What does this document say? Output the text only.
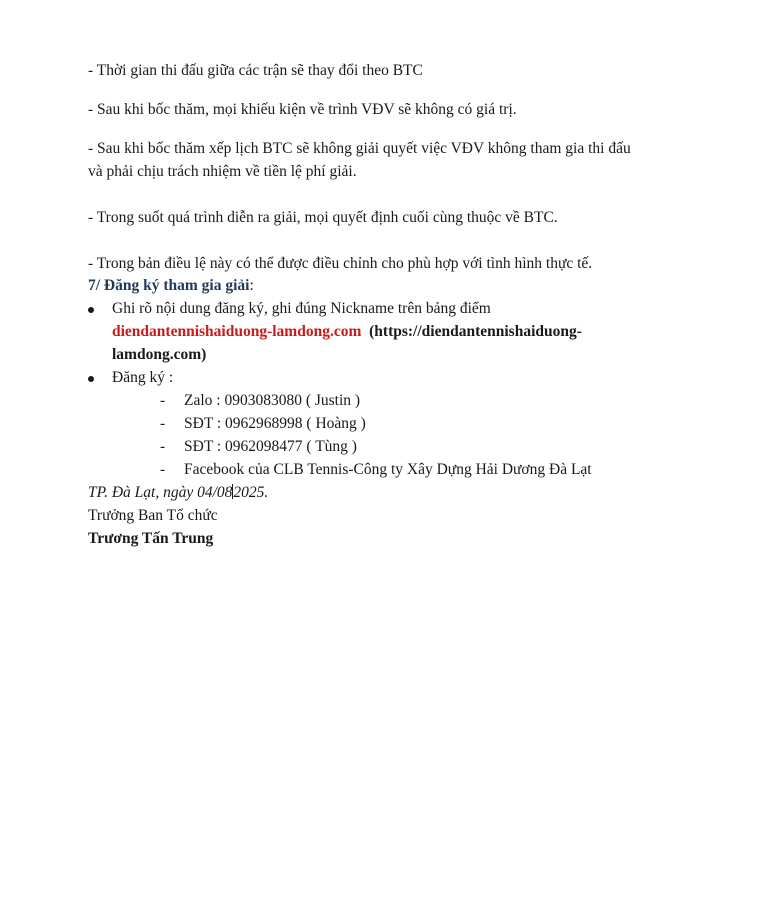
- Thời gian thi đấu giữa các trận sẽ thay đổi theo BTC
- Sau khi bốc thăm, mọi khiếu kiện về trình VĐV sẽ không có giá trị.
- Sau khi bốc thăm xếp lịch BTC sẽ không giải quyết việc VĐV không tham gia thi đấu
và phải chịu trách nhiệm về tiền lệ phí giải.
- Trong suốt quá trình diễn ra giải, mọi quyết định cuối cùng thuộc về BTC.
- Trong bản điều lệ này có thể được điều chỉnh cho phù hợp với tình hình thực tế.
7/ Đăng ký tham gia giải:
Ghi rõ nội dung đăng ký, ghi đúng Nickname trên bảng điểm
diendantennishaiduong-lamdong.com (https://diendantennishaiduong-
lamdong.com)
Đăng ký :
- Zalo : 0903083080 ( Justin )
- SĐT : 0962968998 ( Hoàng )
- SĐT : 0962098477 ( Tùng )
- Facebook của CLB Tennis-Công ty Xây Dựng Hải Dương Đà Lạt
TP. Đà Lạt, ngày 04/082025.
Trưởng Ban Tổ chức
Trương Tấn Trung
